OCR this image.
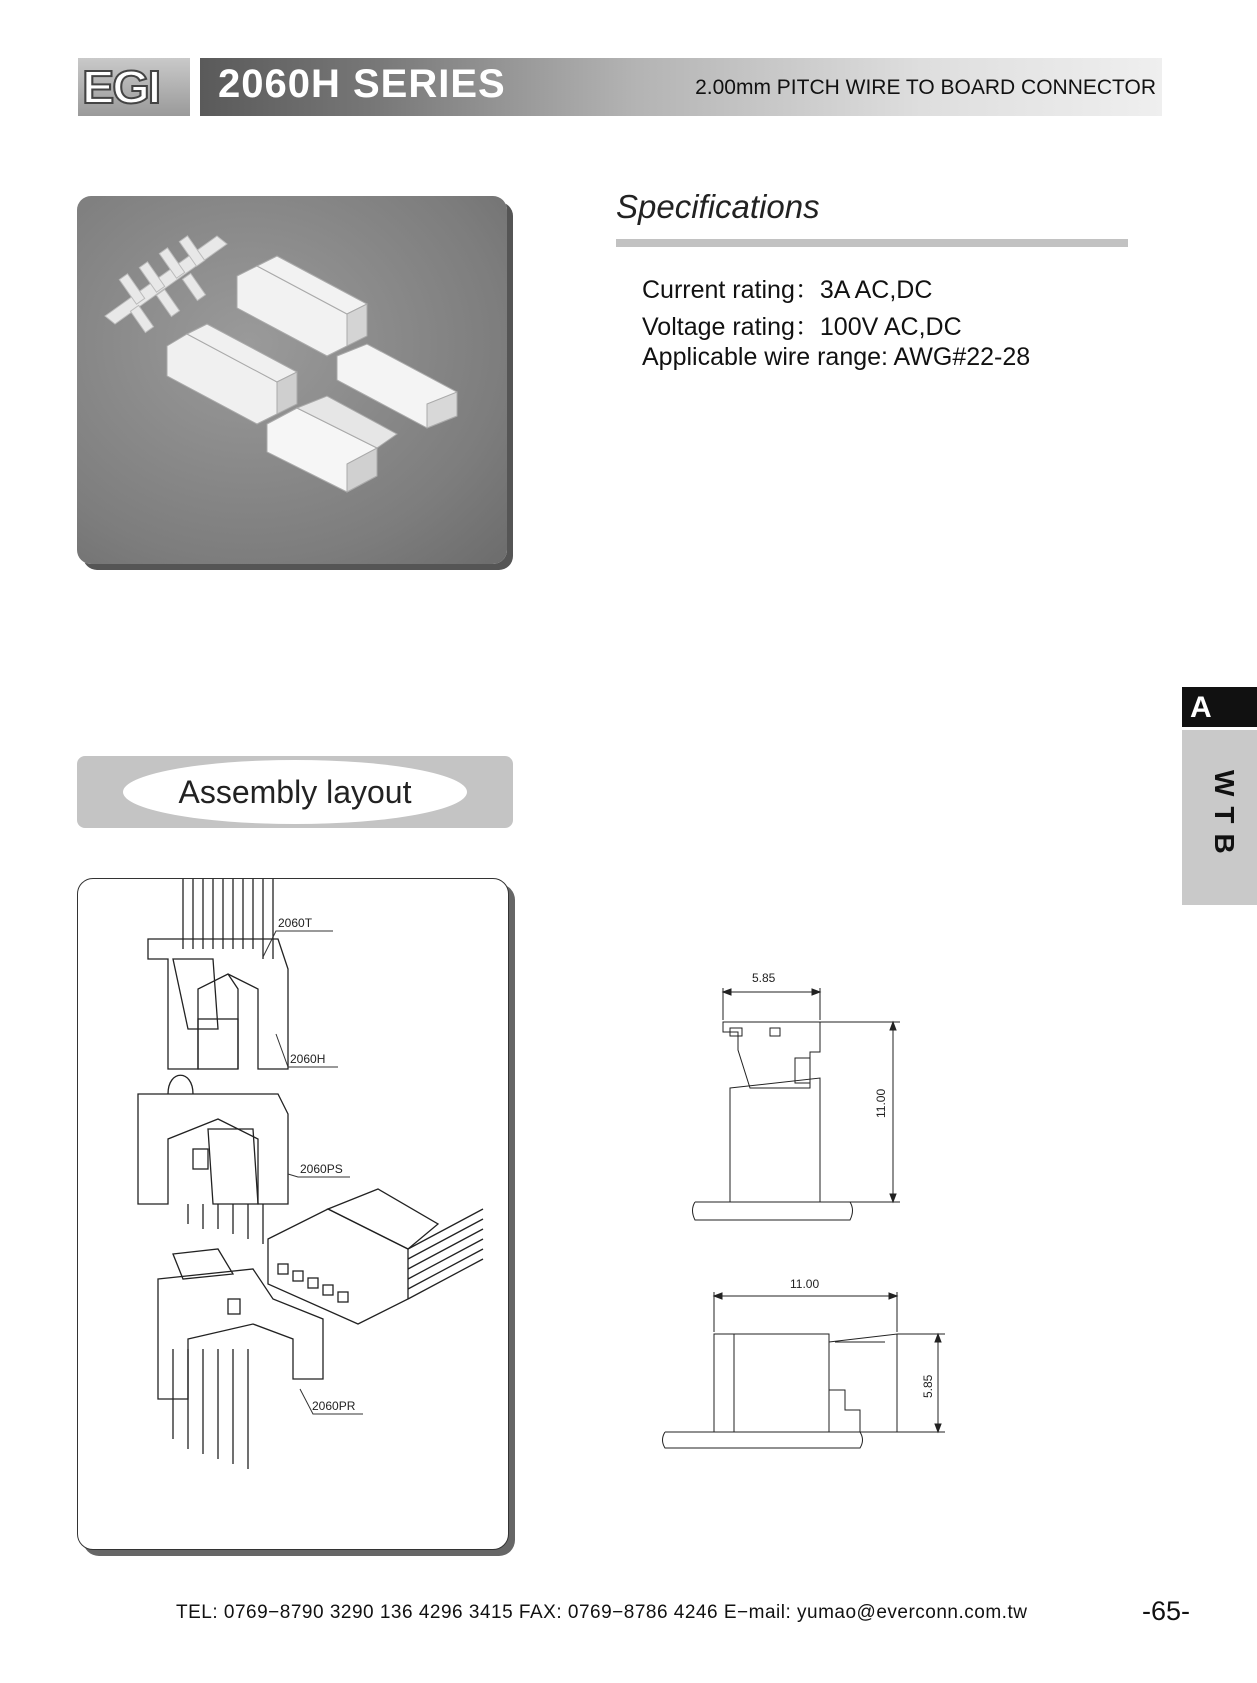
EGI 2060H SERIES	2.00mm PITCH WIRE TO BOARD CONNECTOR
Specifications
Current rating：3A AC,DC
Voltage rating：100V AC,DC
Applicable wire range: AWG#22-28
A
WTB
Assembly layout
2060T
2060H
2060PS
2060PR
5.85
11.00
11.00
5.85
TEL: 0769−8790 3290 136 4296 3415 FAX: 0769−8786 4246 E−mail: yumao@everconn.com.tw	-65-
